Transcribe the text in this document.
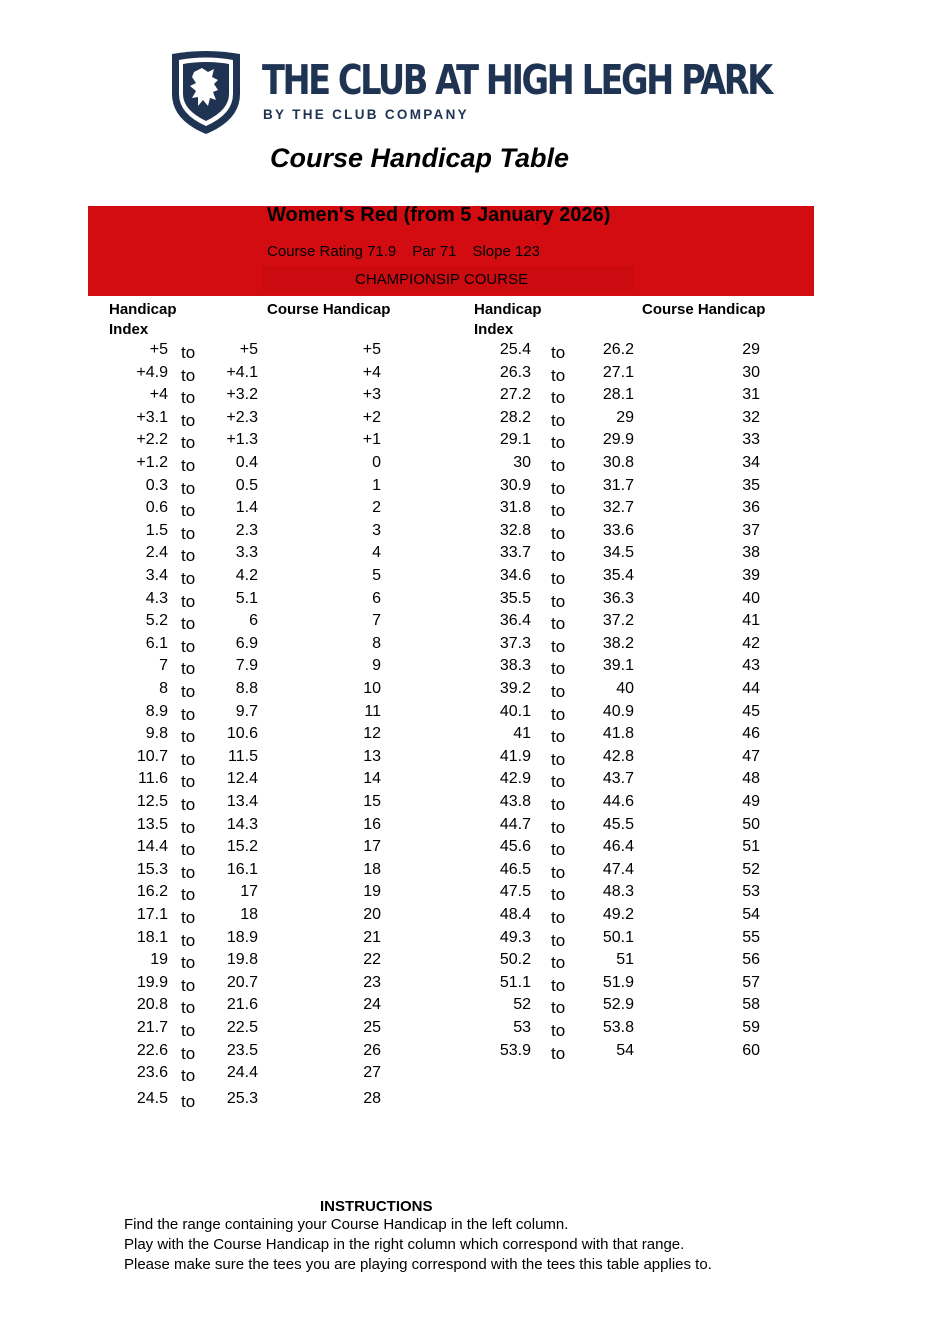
THE CLUB AT HIGH LEGH PARK
BY THE CLUB COMPANY
Course Handicap Table
Women's Red (from 5 January 2026)
Course Rating 71.9 Par 71 Slope 123
CHAMPIONSIP COURSE
Handicap
Index
Course Handicap	Handicap
Index
Course Handicap
+5 to	+5	+5	25.4 to 26.2	29
+4.9 to +4.1	+4	26.3 to 27.1	30
+4 to +3.2	+3	27.2 to 28.1	31
+3.1 to +2.3	+2	28.2 to	29	32
+2.2 to +1.3	+1	29.1 to 29.9	33
+1.2 to	0.4	0	30 to 30.8	34
0.3 to	0.5	1	30.9 to 31.7	35
0.6 to	1.4	2	31.8 to 32.7	36
1.5 to	2.3	3	32.8 to 33.6	37
2.4 to	3.3	4	33.7 to 34.5	38
3.4 to	4.2	5	34.6 to 35.4	39
4.3 to	5.1	6	35.5 to 36.3	40
5.2 to	6	7	36.4 to 37.2	41
6.1 to	6.9	8	37.3 to 38.2	42
7 to	7.9	9	38.3 to 39.1	43
8 to	8.8	10	39.2 to	40	44
8.9 to	9.7	11	40.1 to 40.9	45
9.8 to 10.6	12	41 to 41.8	46
10.7 to 11.5	13	41.9 to 42.8	47
11.6 to 12.4	14	42.9 to 43.7	48
12.5 to 13.4	15	43.8 to 44.6	49
13.5 to 14.3	16	44.7 to 45.5	50
14.4 to 15.2	17	45.6 to 46.4	51
15.3 to 16.1	18	46.5 to 47.4	52
16.2 to	17	19	47.5 to 48.3	53
17.1 to	18	20	48.4 to 49.2	54
18.1 to 18.9	21	49.3 to 50.1	55
19 to 19.8	22	50.2 to	51	56
19.9 to 20.7	23	51.1 to 51.9	57
20.8 to 21.6	24	52 to 52.9	58
21.7 to 22.5	25	53 to 53.8	59
22.6 to 23.5	26	53.9 to	54	60
23.6 to 24.4	27
24.5 to 25.3	28
INSTRUCTIONS
Find the range containing your Course Handicap in the left column.
Play with the Course Handicap in the right column which correspond with that range.
Please make sure the tees you are playing correspond with the tees this table applies to.
